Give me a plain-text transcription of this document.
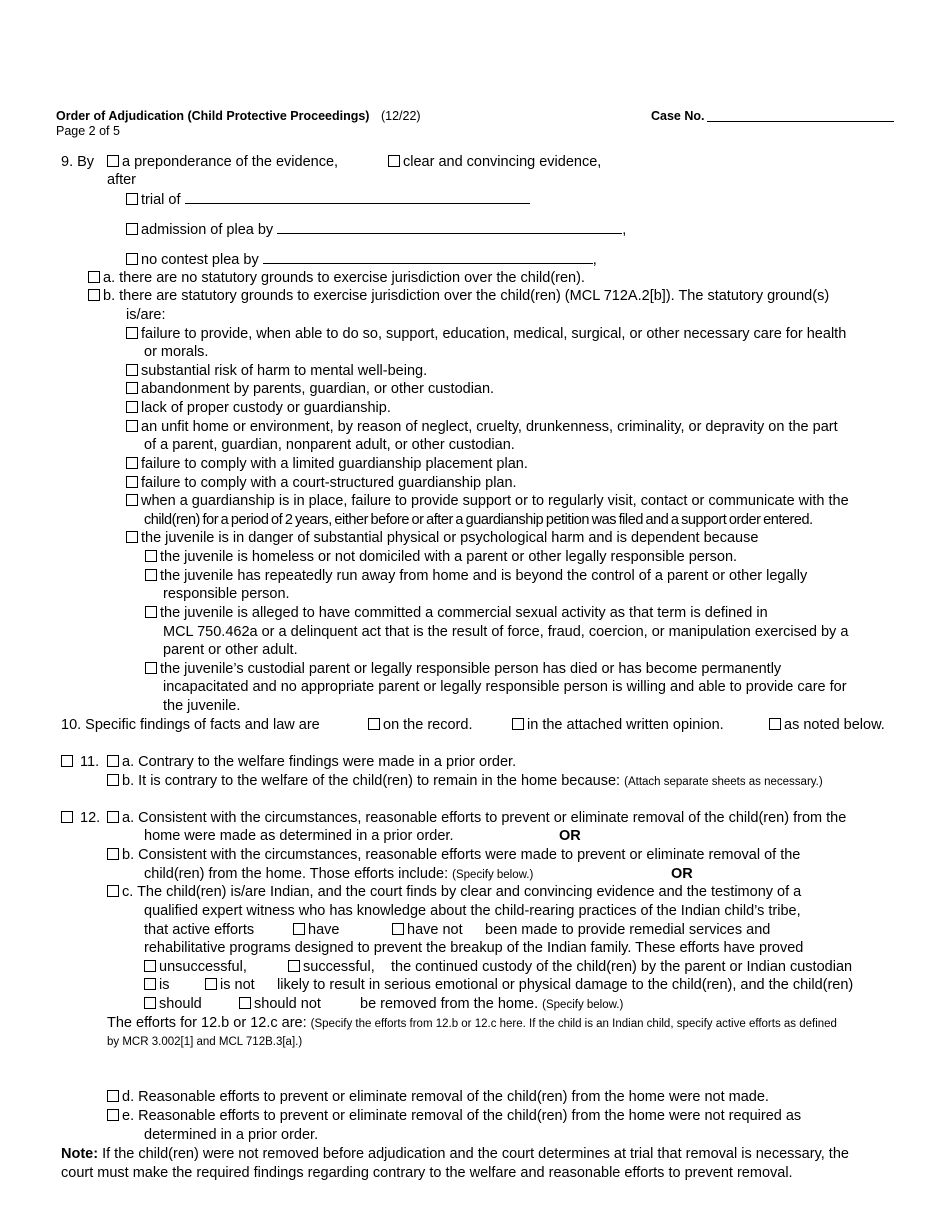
Order of Adjudication (Child Protective Proceedings) (12/22)
Page 2 of 5
Case No.
9. By	a preponderance of the evidence,	clear and convincing evidence,
after
trial of
admission of plea by	,
no contest plea by	,
a. there are no statutory grounds to exercise jurisdiction over the child(ren).
b. there are statutory grounds to exercise jurisdiction over the child(ren) (MCL 712A.2[b]). The statutory ground(s)
is/are:
failure to provide, when able to do so, support, education, medical, surgical, or other necessary care for health
or morals.
substantial risk of harm to mental well-being.
abandonment by parents, guardian, or other custodian.
lack of proper custody or guardianship.
an unfit home or environment, by reason of neglect, cruelty, drunkenness, criminality, or depravity on the part
of a parent, guardian, nonparent adult, or other custodian.
failure to comply with a limited guardianship placement plan.
failure to comply with a court-structured guardianship plan.
when a guardianship is in place, failure to provide support or to regularly visit, contact or communicate with the
child(ren) for a period of 2 years, either before or after a guardianship petition was filed and a support order entered.
the juvenile is in danger of substantial physical or psychological harm and is dependent because
the juvenile is homeless or not domiciled with a parent or other legally responsible person.
the juvenile has repeatedly run away from home and is beyond the control of a parent or other legally
responsible person.
the juvenile is alleged to have committed a commercial sexual activity as that term is defined in
MCL 750.462a or a delinquent act that is the result of force, fraud, coercion, or manipulation exercised by a
parent or other adult.
the juvenile’s custodial parent or legally responsible person has died or has become permanently
incapacitated and no appropriate parent or legally responsible person is willing and able to provide care for
the juvenile.
10. Specific findings of facts and law are	on the record.	in the attached written opinion.	as noted below.
11.	a. Contrary to the welfare findings were made in a prior order.
b. It is contrary to the welfare of the child(ren) to remain in the home because: (Attach separate sheets as necessary.)
12.	a. Consistent with the circumstances, reasonable efforts to prevent or eliminate removal of the child(ren) from the
home were made as determined in a prior order.	OR
b. Consistent with the circumstances, reasonable efforts were made to prevent or eliminate removal of the
child(ren) from the home. Those efforts include: (Specify below.)	OR
c. The child(ren) is/are Indian, and the court finds by clear and convincing evidence and the testimony of a
qualified expert witness who has knowledge about the child-rearing practices of the Indian child’s tribe,
that active efforts	have	have not been made to provide remedial services and
rehabilitative programs designed to prevent the breakup of the Indian family. These efforts have proved
unsuccessful,	successful, the continued custody of the child(ren) by the parent or Indian custodian
is	is not likely to result in serious emotional or physical damage to the child(ren), and the child(ren)
should	should not	be removed from the home. (Specify below.)
The efforts for 12.b or 12.c are: (Specify the efforts from 12.b or 12.c here. If the child is an Indian child, specify active efforts as defined
by MCR 3.002[1] and MCL 712B.3[a].)
d. Reasonable efforts to prevent or eliminate removal of the child(ren) from the home were not made.
e. Reasonable efforts to prevent or eliminate removal of the child(ren) from the home were not required as
determined in a prior order.
Note: If the child(ren) were not removed before adjudication and the court determines at trial that removal is necessary, the
court must make the required findings regarding contrary to the welfare and reasonable efforts to prevent removal.
